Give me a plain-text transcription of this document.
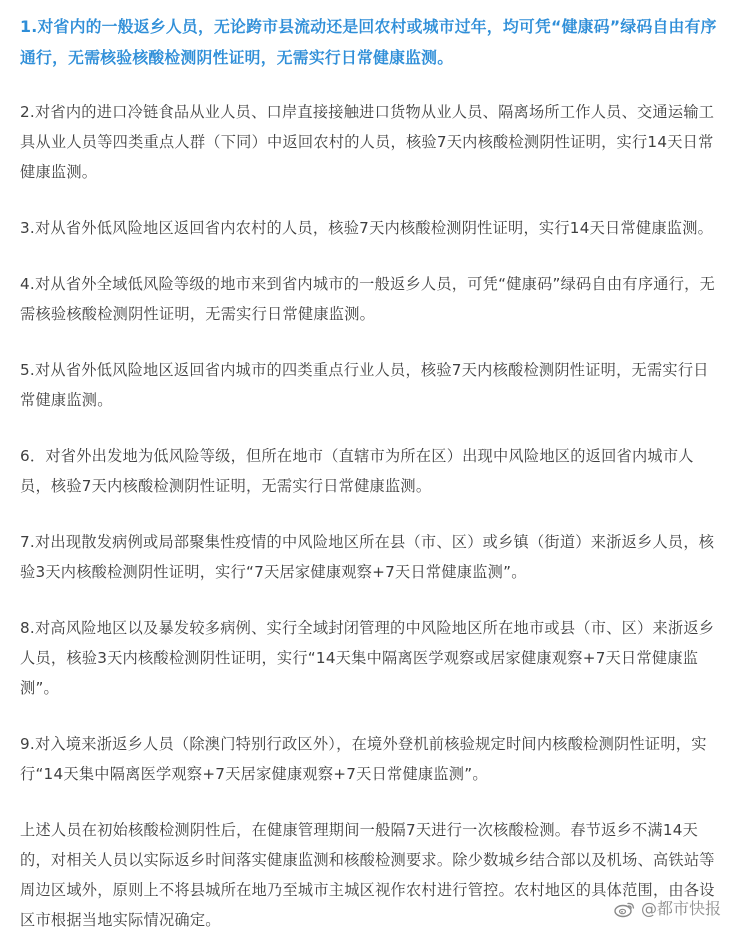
1.对省内的一般返乡人员，无论跨市县流动还是回农村或城市过年，均可凭“健康码”绿码自由有序通行，无需核验核酸检测阴性证明，无需实行日常健康监测。

2.对省内的进口冷链食品从业人员、口岸直接接触进口货物从业人员、隔离场所工作人员、交通运输工具从业人员等四类重点人群（下同）中返回农村的人员，核验7天内核酸检测阴性证明，实行14天日常健康监测。

3.对从省外低风险地区返回省内农村的人员，核验7天内核酸检测阴性证明，实行14天日常健康监测。

4.对从省外全域低风险等级的地市来到省内城市的一般返乡人员，可凭“健康码”绿码自由有序通行，无需核验核酸检测阴性证明，无需实行日常健康监测。

5.对从省外低风险地区返回省内城市的四类重点行业人员，核验7天内核酸检测阴性证明，无需实行日常健康监测。

6．对省外出发地为低风险等级，但所在地市（直辖市为所在区）出现中风险地区的返回省内城市人员，核验7天内核酸检测阴性证明，无需实行日常健康监测。

7.对出现散发病例或局部聚集性疫情的中风险地区所在县（市、区）或乡镇（街道）来浙返乡人员，核验3天内核酸检测阴性证明，实行“7天居家健康观察+7天日常健康监测”。

8.对高风险地区以及暴发较多病例、实行全域封闭管理的中风险地区所在地市或县（市、区）来浙返乡人员，核验3天内核酸检测阴性证明，实行“14天集中隔离医学观察或居家健康观察+7天日常健康监测”。

9.对入境来浙返乡人员（除澳门特别行政区外），在境外登机前核验规定时间内核酸检测阴性证明，实行“14天集中隔离医学观察+7天居家健康观察+7天日常健康监测”。

上述人员在初始核酸检测阴性后，在健康管理期间一般隔7天进行一次核酸检测。春节返乡不满14天的，对相关人员以实际返乡时间落实健康监测和核酸检测要求。除少数城乡结合部以及机场、高铁站等周边区域外，原则上不将县城所在地乃至城市主城区视作农村进行管控。农村地区的具体范围，由各设区市根据当地实际情况确定。

@都市快报
